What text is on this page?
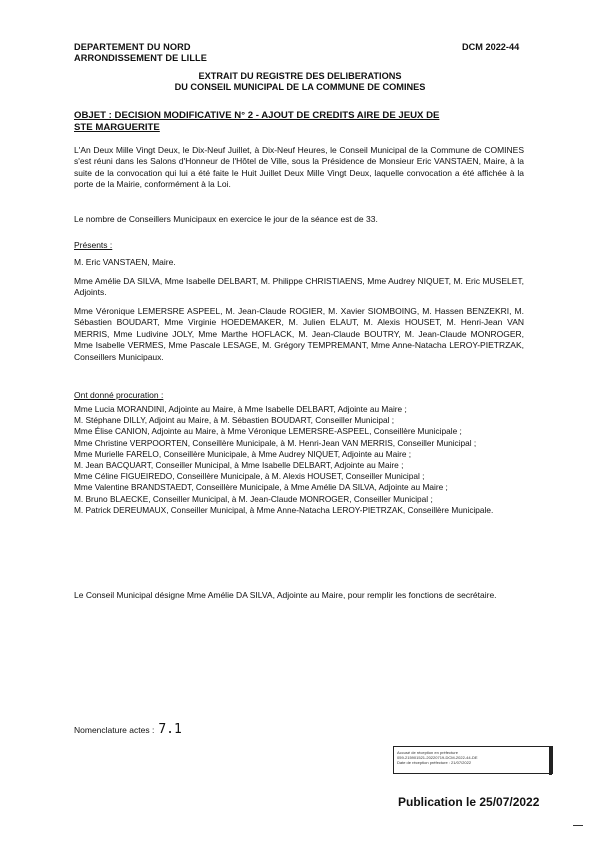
DEPARTEMENT DU NORD
ARRONDISSEMENT DE LILLE
DCM 2022-44
EXTRAIT DU REGISTRE DES DELIBERATIONS
DU CONSEIL MUNICIPAL DE LA COMMUNE DE COMINES
OBJET : DECISION MODIFICATIVE N° 2 - AJOUT DE CREDITS AIRE DE JEUX DE
STE MARGUERITE
L'An Deux Mille Vingt Deux, le Dix-Neuf Juillet, à Dix-Neuf Heures, le Conseil Municipal de la Commune de COMINES s'est réuni dans les Salons d'Honneur de l'Hôtel de Ville, sous la Présidence de Monsieur Eric VANSTAEN, Maire, à la suite de la convocation qui lui a été faite le Huit Juillet Deux Mille Vingt Deux, laquelle convocation a été affichée à la porte de la Mairie, conformément à la Loi.
Le nombre de Conseillers Municipaux en exercice le jour de la séance est de 33.
Présents :
M. Eric VANSTAEN, Maire.
Mme Amélie DA SILVA, Mme Isabelle DELBART, M. Philippe CHRISTIAENS, Mme Audrey NIQUET, M. Eric MUSELET, Adjoints.
Mme Véronique LEMERSRE ASPEEL, M. Jean-Claude ROGIER, M. Xavier SIOMBOING, M. Hassen BENZEKRI, M. Sébastien BOUDART, Mme Virginie HOEDEMAKER, M. Julien ELAUT, M. Alexis HOUSET, M. Henri-Jean VAN MERRIS, Mme Ludivine JOLY, Mme Marthe HOFLACK, M. Jean-Claude BOUTRY, M. Jean-Claude MONROGER, Mme Isabelle VERMES, Mme Pascale LESAGE, M. Grégory TEMPREMANT, Mme Anne-Natacha LEROY-PIETRZAK, Conseillers Municipaux.
Ont donné procuration :
Mme Lucia MORANDINI, Adjointe au Maire, à Mme Isabelle DELBART, Adjointe au Maire ;
M. Stéphane DILLY, Adjoint au Maire, à M. Sébastien BOUDART, Conseiller Municipal ;
Mme Élise CANION, Adjointe au Maire, à Mme Véronique LEMERSRE-ASPEEL, Conseillère Municipale ;
Mme Christine VERPOORTEN, Conseillère Municipale, à M. Henri-Jean VAN MERRIS, Conseiller Municipal ;
Mme Murielle FARELO, Conseillère Municipale, à Mme Audrey NIQUET, Adjointe au Maire ;
M. Jean BACQUART, Conseiller Municipal, à Mme Isabelle DELBART, Adjointe au Maire ;
Mme Céline FIGUEIREDO, Conseillère Municipale, à M. Alexis HOUSET, Conseiller Municipal ;
Mme Valentine BRANDSTAEDT, Conseillère Municipale, à Mme Amélie DA SILVA, Adjointe au Maire ;
M. Bruno BLAECKE, Conseiller Municipal, à M. Jean-Claude MONROGER, Conseiller Municipal ;
M. Patrick DEREUMAUX, Conseiller Municipal, à Mme Anne-Natacha LEROY-PIETRZAK, Conseillère Municipale.
Le Conseil Municipal désigne Mme Amélie DA SILVA, Adjointe au Maire, pour remplir les fonctions de secrétaire.
Nomenclature actes : 7.1
Accusé de réception en préfecture
059-215901521-20220719-DCM-2022-44-DE
Date de réception préfecture : 21/07/2022
Publication le 25/07/2022
